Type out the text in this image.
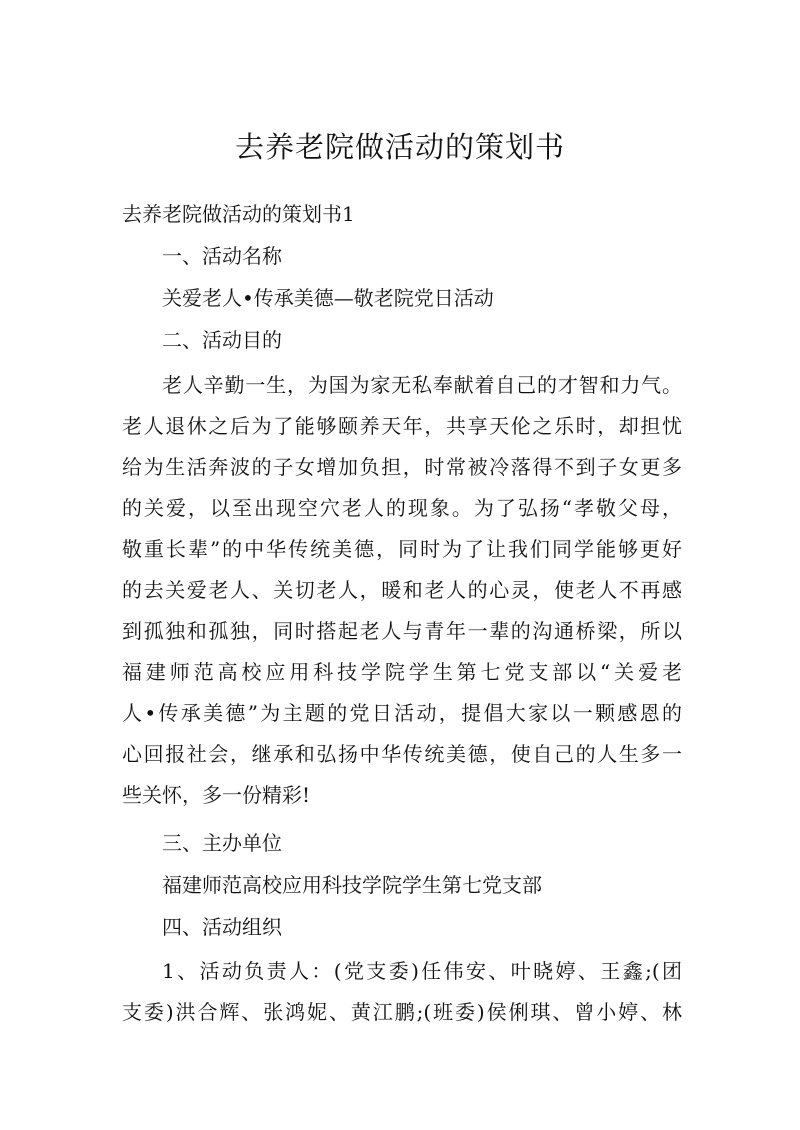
去养老院做活动的策划书

去养老院做活动的策划书1

一、活动名称

关爱老人•传承美德—敬老院党日活动

二、活动目的

老人辛勤一生，为国为家无私奉献着自己的才智和力气。
老人退休之后为了能够颐养天年，共享天伦之乐时，却担忧
给为生活奔波的子女增加负担，时常被冷落得不到子女更多
的关爱，以至出现空穴老人的现象。为了弘扬“孝敬父母，
敬重长辈”的中华传统美德，同时为了让我们同学能够更好
的去关爱老人、关切老人，暖和老人的心灵，使老人不再感
到孤独和孤独，同时搭起老人与青年一辈的沟通桥梁，所以
福建师范高校应用科技学院学生第七党支部以“关爱老
人•传承美德”为主题的党日活动，提倡大家以一颗感恩的
心回报社会，继承和弘扬中华传统美德，使自己的人生多一
些关怀，多一份精彩!

三、主办单位

福建师范高校应用科技学院学生第七党支部

四、活动组织

1、活动负责人：(党支委)任伟安、叶晓婷、王鑫;(团
支委)洪合辉、张鸿妮、黄江鹏;(班委)侯俐琪、曾小婷、林
